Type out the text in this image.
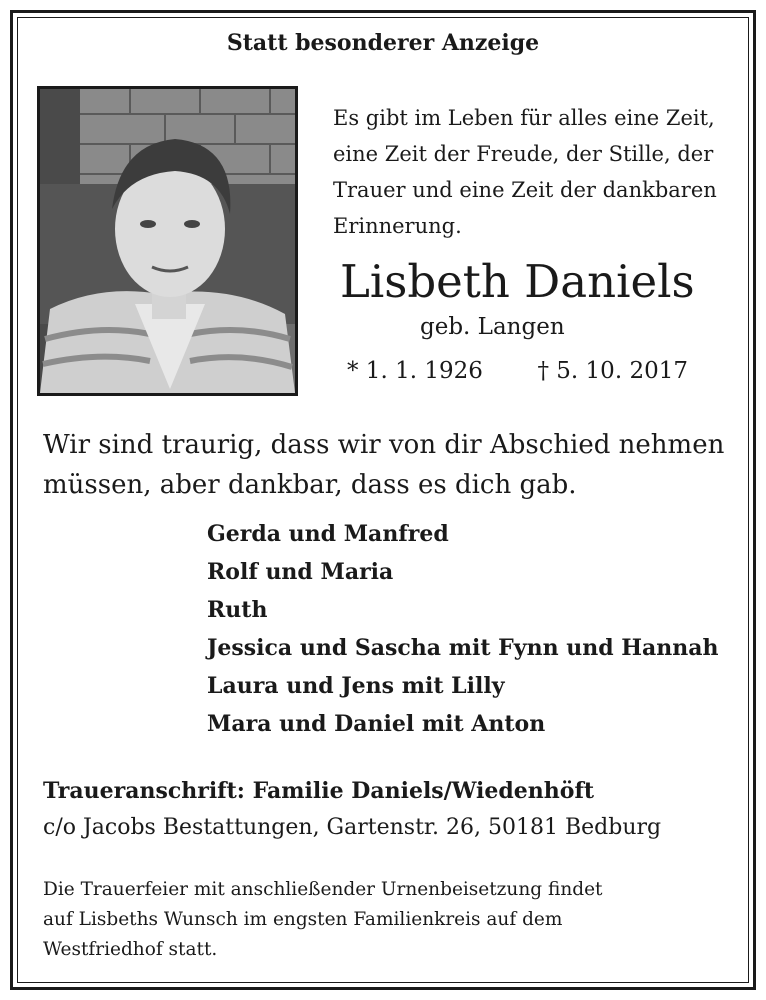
Statt besonderer Anzeige
Es gibt im Leben für alles eine Zeit,
eine Zeit der Freude, der Stille, der
Trauer und eine Zeit der dankbaren
Erinnerung.
Lisbeth Daniels
geb. Langen
* 1. 1. 1926 † 5. 10. 2017
Wir sind traurig, dass wir von dir Abschied nehmen
müssen, aber dankbar, dass es dich gab.
Gerda und Manfred
Rolf und Maria
Ruth
Jessica und Sascha mit Fynn und Hannah
Laura und Jens mit Lilly
Mara und Daniel mit Anton
Traueranschrift: Familie Daniels/Wiedenhöft
c/o Jacobs Bestattungen, Gartenstr. 26, 50181 Bedburg
Die Trauerfeier mit anschließender Urnenbeisetzung findet
auf Lisbeths Wunsch im engsten Familienkreis auf dem
Westfriedhof statt.
